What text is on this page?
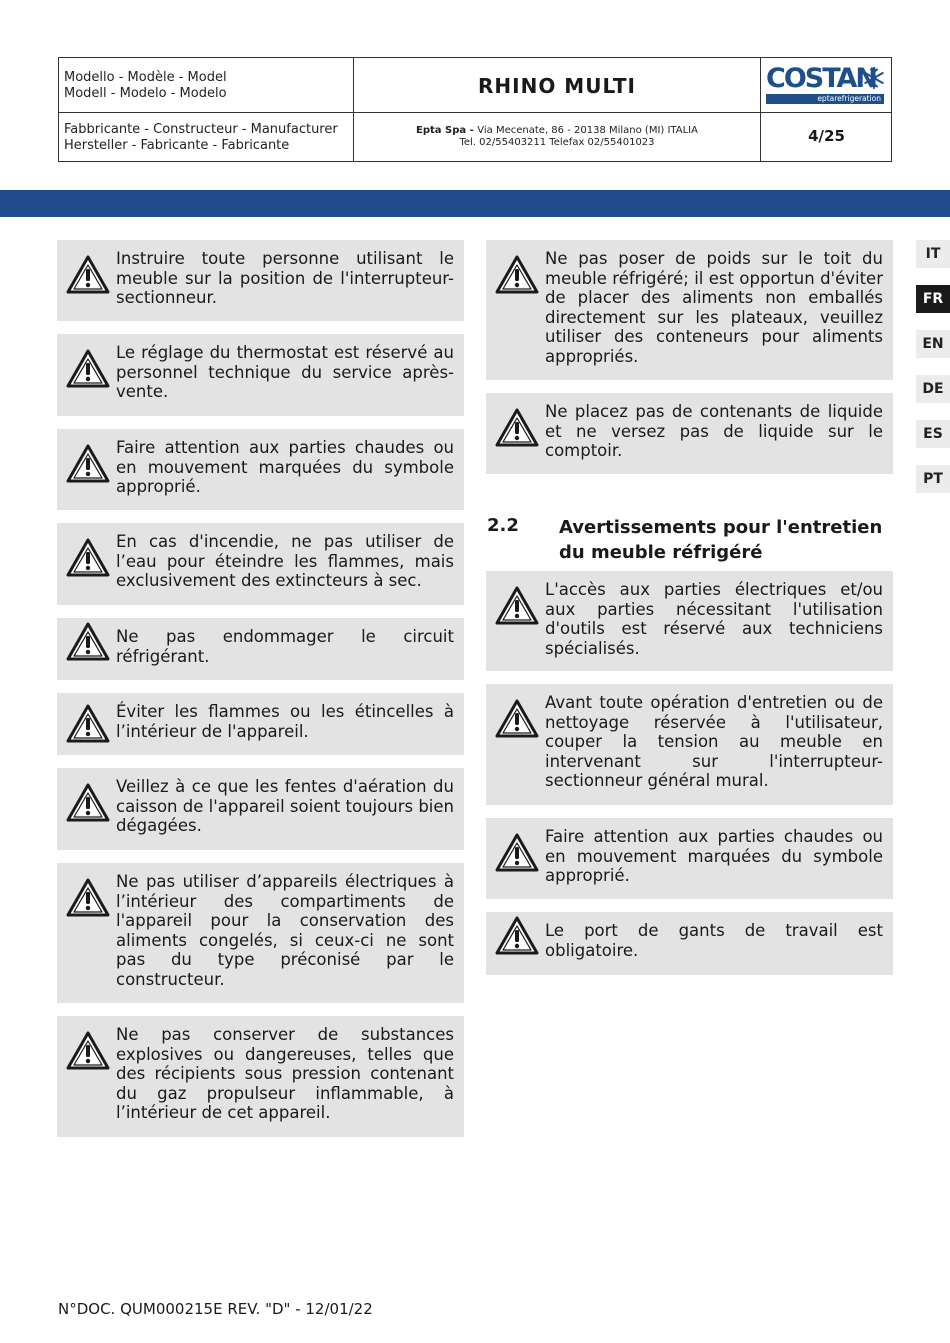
Modello - Modèle - Model
Modell - Modelo - Modelo	RHINO MULTI
Fabbricante - Constructeur - Manufacturer
Hersteller - Fabricante - Fabricante
Epta Spa - Via Mecenate, 86 - 20138 Milano (MI) ITALIA
Tel. 02/55403211 Telefax 02/55401023	4/25
COSTAN
eptarefrigeration
IT
FR
EN
DE
ES
PT
Instruire toute personne utilisant le meuble sur la position de l'interrupteur-sectionneur.
Le réglage du thermostat est réservé au personnel technique du service après-vente.
Faire attention aux parties chaudes ou en mouvement marquées du symbole approprié.
En cas d'incendie, ne pas utiliser de l’eau pour éteindre les flammes, mais exclusivement des extincteurs à sec.
Ne pas endommager le circuit réfrigérant.
Éviter les flammes ou les étincelles à l’intérieur de l'appareil.
Veillez à ce que les fentes d'aération du caisson de l'appareil soient toujours bien dégagées.
Ne pas utiliser d’appareils électriques à l’intérieur des compartiments de l'appareil pour la conservation des aliments congelés, si ceux-ci ne sont pas du type préconisé par le constructeur.
Ne pas conserver de substances explosives ou dangereuses, telles que des récipients sous pression contenant du gaz propulseur inflammable, à l’intérieur de cet appareil.
Ne pas poser de poids sur le toit du meuble réfrigéré; il est opportun d'éviter de placer des aliments non emballés directement sur les plateaux, veuillez utiliser des conteneurs pour aliments appropriés.
Ne placez pas de contenants de liquide et ne versez pas de liquide sur le comptoir.
2.2 Avertissements pour l'entretien du meuble réfrigéré
L'accès aux parties électriques et/ou aux parties nécessitant l'utilisation d'outils est réservé aux techniciens spécialisés.
Avant toute opération d'entretien ou de nettoyage réservée à l'utilisateur, couper la tension au meuble en intervenant sur l'interrupteur-sectionneur général mural.
Faire attention aux parties chaudes ou en mouvement marquées du symbole approprié.
Le port de gants de travail est obligatoire.
N°DOC. QUM000215E REV. "D" - 12/01/22
